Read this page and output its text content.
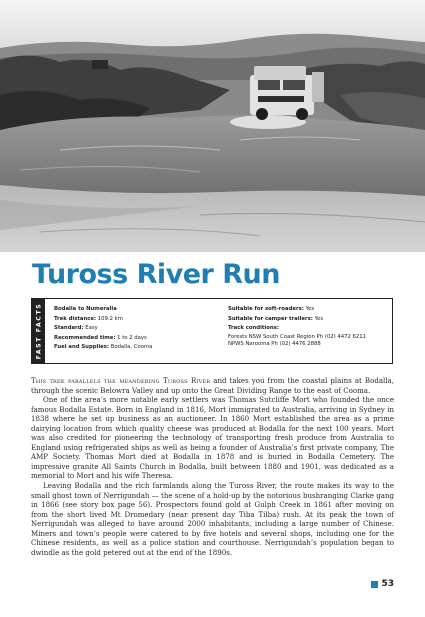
Tuross River Run
FAST FACTS Bodalla to Numeralla
Trek distance: 109.2 km
Standard: Easy
Recommended time: 1 to 2 days
Fuel and Supplies: Bodalla, Cooma
Suitable for soft-roaders: Yes
Suitable for camper trailers: Yes
Track conditions:
Forests NSW South Coast Region Ph (02) 4472 6211
NPWS Narooma Ph (02) 4476 2888

This trek parallels the meandering Tuross River and takes you from the coastal plains at Bodalla, through the scenic Belowra Valley and up onto the Great Dividing Range to the east of Cooma.

One of the area’s more notable early settlers was Thomas Sutcliffe Mort who founded the once famous Bodalla Estate. Born in England in 1816, Mort immigrated to Australia, arriving in Sydney in 1838 where he set up business as an auctioneer. In 1860 Mort established the area as a prime dairying location from which quality cheese was produced at Bodalla for the next 100 years. Mort was also credited for pioneering the technology of transporting fresh produce from Australia to England using refrigerated ships as well as being a founder of Australia’s first private company, The AMP Society. Thomas Mort died at Bodalla in 1878 and is buried in Bodalla Cemetery. The impressive granite All Saints Church in Bodalla, built between 1880 and 1901, was dedicated as a memorial to Mort and his wife Theresa.

Leaving Bodalla and the rich farmlands along the Tuross River, the route makes its way to the small ghost town of Nerrigundah — the scene of a hold-up by the notorious bushranging Clarke gang in 1866 (see story box page 56). Prospectors found gold at Gulph Creek in 1861 after moving on from the short lived Mt Dromedary (near present day Tiba Tilba) rush. At its peak the town of Nerrigundah was alleged to have around 2000 inhabitants, including a large number of Chinese. Miners and town’s people were catered to by five hotels and several shops, including one for the Chinese residents, as well as a police station and courthouse. Nerrigundah’s population began to dwindle as the gold petered out at the end of the 1890s.

53
